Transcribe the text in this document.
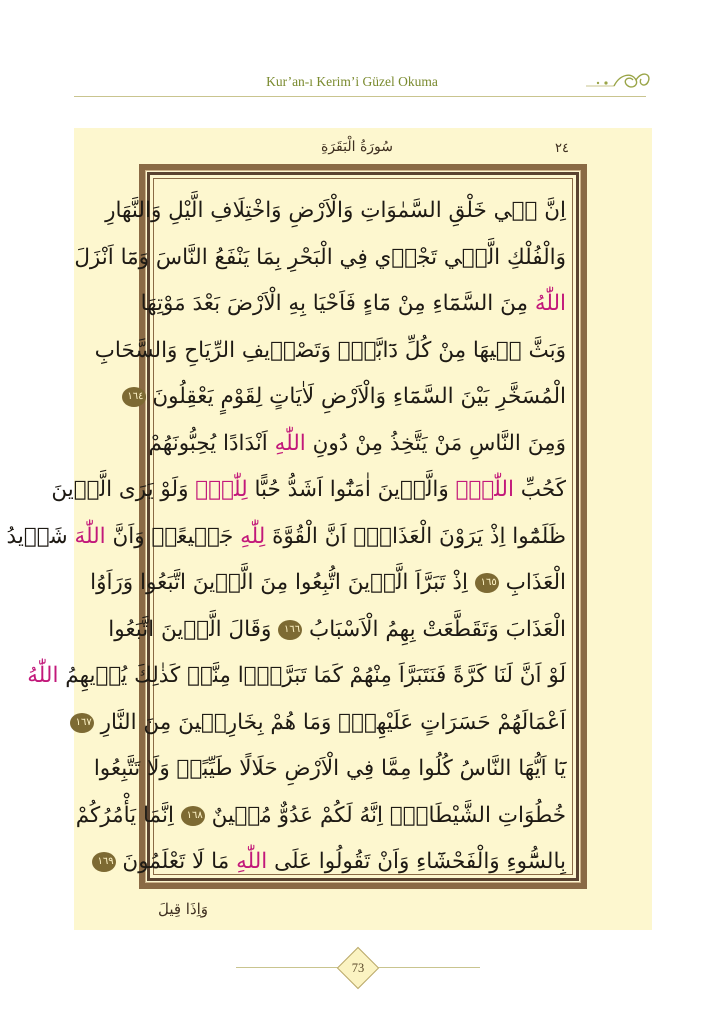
Kur’an-ı Kerim’i Güzel Okuma
سُورَةُ الْبَقَرَةِ	٢٤
اِنَّ فٖي خَلْقِ السَّمٰوَاتِ وَالْاَرْضِ وَاخْتِلَافِ الَّيْلِ وَالنَّهَارِ
وَالْفُلْكِ الَّتٖي تَجْرٖي فِي الْبَحْرِ بِمَا يَنْفَعُ النَّاسَ وَمَٓا اَنْزَلَ
اللّٰهُ مِنَ السَّمَٓاءِ مِنْ مَٓاءٍ فَاَحْيَا بِهِ الْاَرْضَ بَعْدَ مَوْتِهَا
وَبَثَّ فٖيهَا مِنْ كُلِّ دَٓابَّةٍۖ وَتَصْرٖيفِ الرِّيَاحِ وَالسَّحَابِ
الْمُسَخَّرِ بَيْنَ السَّمَٓاءِ وَالْاَرْضِ لَاٰيَاتٍ لِقَوْمٍ يَعْقِلُونَ ١٦٤
وَمِنَ النَّاسِ مَنْ يَتَّخِذُ مِنْ دُونِ اللّٰهِ اَنْدَادًا يُحِبُّونَهُمْ
كَحُبِّ اللّٰهِۜ وَالَّذٖينَ اٰمَنُٓوا اَشَدُّ حُبًّا لِلّٰهِۜ وَلَوْ يَرَى الَّذٖينَ
ظَلَمُٓوا اِذْ يَرَوْنَ الْعَذَابَۙ اَنَّ الْقُوَّةَ لِلّٰهِ جَمٖيعًاۙ وَاَنَّ اللّٰهَ شَدٖيدُ
الْعَذَابِ ١٦٥ اِذْ تَبَرَّاَ الَّذٖينَ اتُّبِعُوا مِنَ الَّذٖينَ اتَّبَعُوا وَرَاَوُا
الْعَذَابَ وَتَقَطَّعَتْ بِهِمُ الْاَسْبَابُ ١٦٦ وَقَالَ الَّذٖينَ اتَّبَعُوا
لَوْ اَنَّ لَنَا كَرَّةً فَنَتَبَرَّاَ مِنْهُمْ كَمَا تَبَرَّؤُ۫ا مِنَّاۜ كَذٰلِكَ يُرٖيهِمُ اللّٰهُ
اَعْمَالَهُمْ حَسَرَاتٍ عَلَيْهِمْۜ وَمَا هُمْ بِخَارِجٖينَ مِنَ النَّارِ ١٦٧
يَٓا اَيُّهَا النَّاسُ كُلُوا مِمَّا فِي الْاَرْضِ حَلَالًا طَيِّبًاۘ وَلَا تَتَّبِعُوا
خُطُوَاتِ الشَّيْطَانِۜ اِنَّهُ لَكُمْ عَدُوٌّ مُبٖينٌ ١٦٨ اِنَّمَا يَأْمُرُكُمْ
بِالسُّٓوءِ وَالْفَحْشَٓاءِ وَاَنْ تَقُولُوا عَلَى اللّٰهِ مَا لَا تَعْلَمُونَ ١٦٩
وَاِذَا قِيلَ
73
